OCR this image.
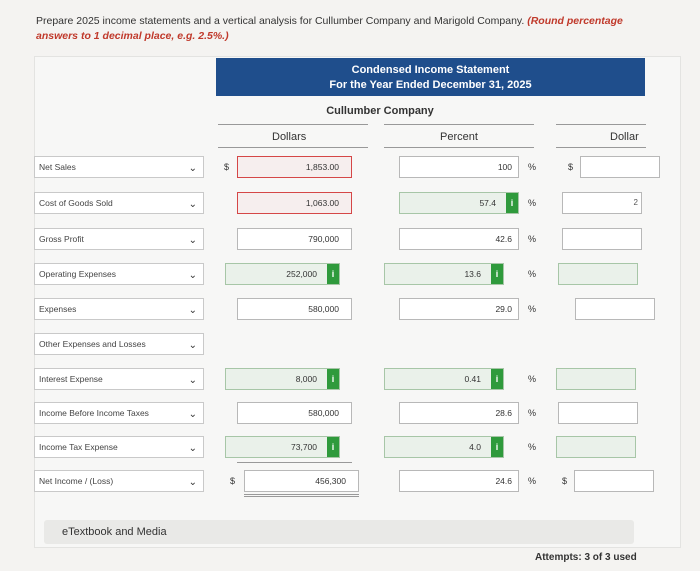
Prepare 2025 income statements and a vertical analysis for Cullumber Company and Marigold Company. (Round percentage answers to 1 decimal place, e.g. 2.5%.)
Condensed Income Statement
For the Year Ended December 31, 2025
Cullumber Company
Dollars	Percent	Dollar
Net Sales	⌄	$	1,853.00	100	%	$
Cost of Goods Sold	⌄	1,063.00	57.4	i	%	2
Gross Profit	⌄	790,000	42.6	%
Operating Expenses	⌄	252,000	i	13.6	i	%
Expenses	⌄	580,000	29.0	%
Other Expenses and Losses	⌄
Interest Expense	⌄	8,000	i	0.41	i	%
Income Before Income Taxes	⌄	580,000	28.6	%
Income Tax Expense	⌄	73,700	i	4.0	i	%
Net Income / (Loss)	⌄	$	456,300	24.6	%	$
eTextbook and Media
Attempts: 3 of 3 used
